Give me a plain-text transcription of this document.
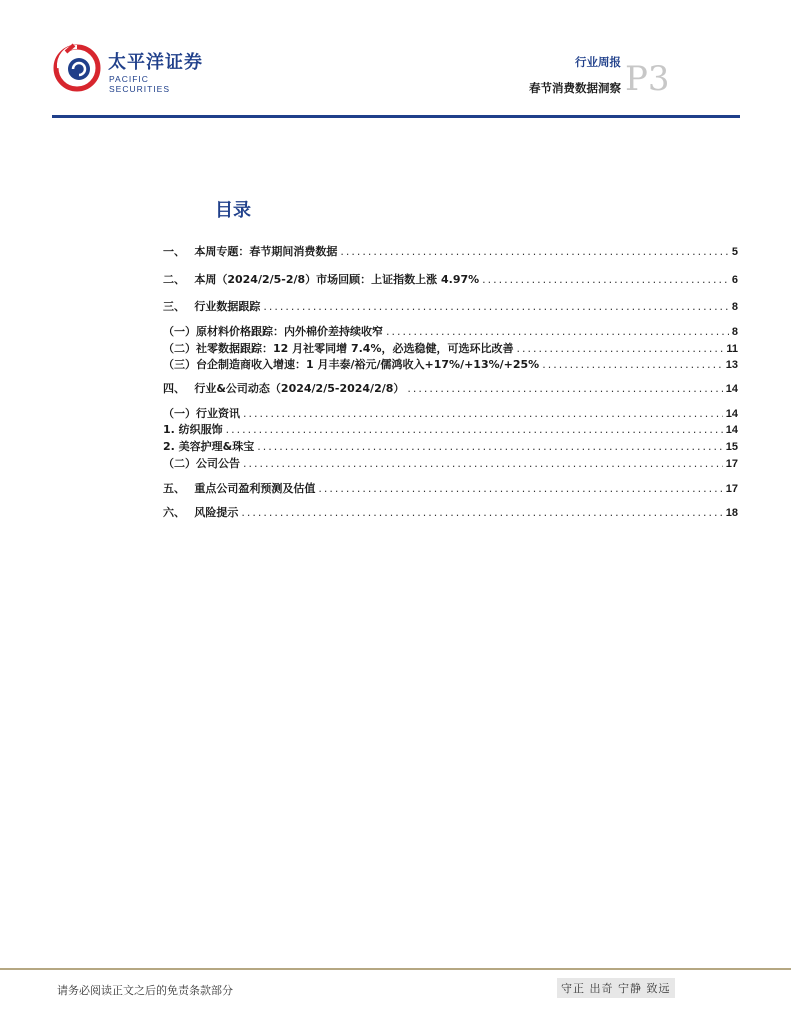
太平洋证券
PACIFIC SECURITIES
行业周报
春节消费数据洞察 P3
目录
一、　 本周专题：春节期间消费数据 .....	5
二、　 本周（2024/2/5-2/8）市场回顾：上证指数上涨 4.97% .....	6
三、　 行业数据跟踪 .....	8
（一）原材料价格跟踪：内外棉价差持续收窄 .....	8
（二）社零数据跟踪：12 月社零同增 7.4%，必选稳健，可选环比改善 .....	11
（三）台企制造商收入增速：1 月丰泰/裕元/儒鸿收入+17%/+13%/+25% .....	13
四、　 行业&公司动态（2024/2/5-2024/2/8） .....	14
（一）行业资讯 .....	14
1. 纺织服饰 .....	14
2. 美容护理&珠宝 .....	15
（二）公司公告 .....	17
五、　 重点公司盈利预测及估值 .....	17
六、　 风险提示 .....	18
请务必阅读正文之后的免责条款部分	守正 出奇 宁静 致远
